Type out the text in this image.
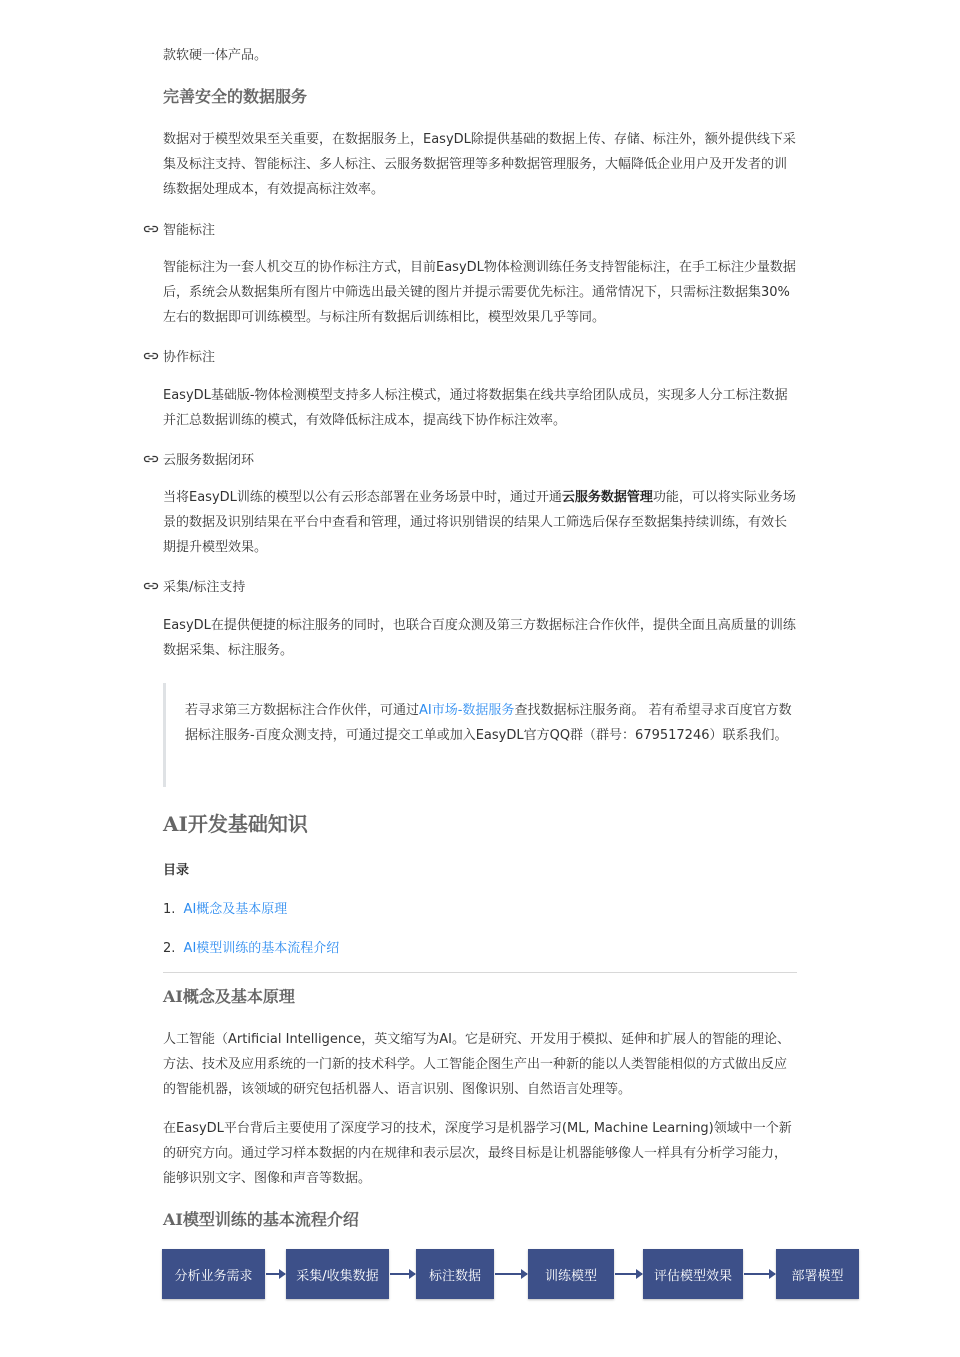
款软硬一体产品。

完善安全的数据服务

数据对于模型效果至关重要，在数据服务上，EasyDL除提供基础的数据上传、存储、标注外，额外提供线下采集及标注支持、智能标注、多人标注、云服务数据管理等多种数据管理服务，大幅降低企业用户及开发者的训练数据处理成本，有效提高标注效率。

智能标注

智能标注为一套人机交互的协作标注方式，目前EasyDL物体检测训练任务支持智能标注，在手工标注少量数据后，系统会从数据集所有图片中筛选出最关键的图片并提示需要优先标注。通常情况下，只需标注数据集30%左右的数据即可训练模型。与标注所有数据后训练相比，模型效果几乎等同。

协作标注

EasyDL基础版-物体检测模型支持多人标注模式，通过将数据集在线共享给团队成员，实现多人分工标注数据并汇总数据训练的模式，有效降低标注成本，提高线下协作标注效率。

云服务数据闭环

当将EasyDL训练的模型以公有云形态部署在业务场景中时，通过开通云服务数据管理功能，可以将实际业务场景的数据及识别结果在平台中查看和管理，通过将识别错误的结果人工筛选后保存至数据集持续训练，有效长期提升模型效果。

采集/标注支持

EasyDL在提供便捷的标注服务的同时，也联合百度众测及第三方数据标注合作伙伴，提供全面且高质量的训练数据采集、标注服务。

若寻求第三方数据标注合作伙伴，可通过AI市场-数据服务查找数据标注服务商。 若有希望寻求百度官方数据标注服务-百度众测支持，可通过提交工单或加入EasyDL官方QQ群（群号：679517246）联系我们。

AI开发基础知识
目录
1. AI概念及基本原理
2. AI模型训练的基本流程介绍
AI概念及基本原理

人工智能（Artificial Intelligence，英文缩写为AI。它是研究、开发用于模拟、延伸和扩展人的智能的理论、方法、技术及应用系统的一门新的技术科学。人工智能企图生产出一种新的能以人类智能相似的方式做出反应的智能机器，该领域的研究包括机器人、语言识别、图像识别、自然语言处理等。

在EasyDL平台背后主要使用了深度学习的技术，深度学习是机器学习(ML, Machine Learning)领域中一个新的研究方向。通过学习样本数据的内在规律和表示层次，最终目标是让机器能够像人一样具有分析学习能力，能够识别文字、图像和声音等数据。

AI模型训练的基本流程介绍
分析业务需求	采集/收集数据	标注数据	训练模型	评估模型效果	部署模型
